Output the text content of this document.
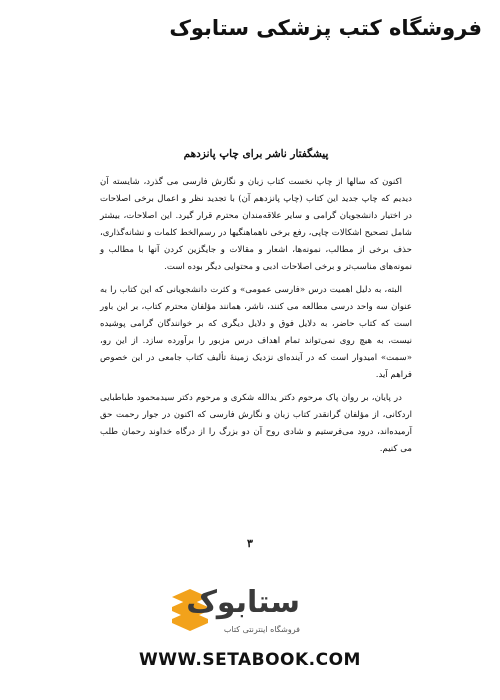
فروشگاه کتب پزشکی ستابوک
پیشگفتار ناشر برای چاپ پانزدهم

اکنون که سالها از چاپ نخست کتاب زبان و نگارش فارسی می گذرد، شایسته آن دیدیم که چاپ جدید این کتاب (چاپ پانزدهم آن) با تجدید نظر و اعمال برخی اصلاحات در اختیار دانشجویان گرامی و سایر علاقه‌مندان محترم قرار گیرد. این اصلاحات، بیشتر شامل تصحیح اشکالات چاپی، رفع برخی ناهماهنگیها در رسم‌الخط کلمات و نشانه‌گذاری، حذف برخی از مطالب، نمونه‌ها، اشعار و مقالات و جایگزین کردن آنها با مطالب و نمونه‌های مناسب‌تر و برخی اصلاحات ادبی و محتوایی دیگر بوده است.

البته، به دلیل اهمیت درس «فارسی عمومی» و کثرت دانشجویانی که این کتاب را به عنوان سه واحد درسی مطالعه می کنند، ناشر، همانند مؤلفان محترم کتاب، بر این باور است که کتاب حاضر، به دلایل فوق و دلایل دیگری که بر خوانندگان گرامی پوشیده نیست، به هیچ روی نمی‌تواند تمام اهداف درس مزبور را برآورده سازد. از این رو، «سمت» امیدوار است که در آینده‌ای نزدیک زمینهٔ تألیف کتاب جامعی در این خصوص فراهم آید.

در پایان، بر روان پاک مرحوم دکتر یدالله شکری و مرحوم دکتر سید‌محمود طباطبایی اردکانی، از مؤلفان گرانقدر کتاب زبان و نگارش فارسی که اکنون در جوار رحمت حق آرمیده‌اند، درود می‌فرستیم و شادی روح آن دو بزرگ را از درگاه خداوند رحمان طلب می کنیم.

۳
ستابوک
فروشگاه اینترنتی کتاب
WWW.SETABOOK.COM
